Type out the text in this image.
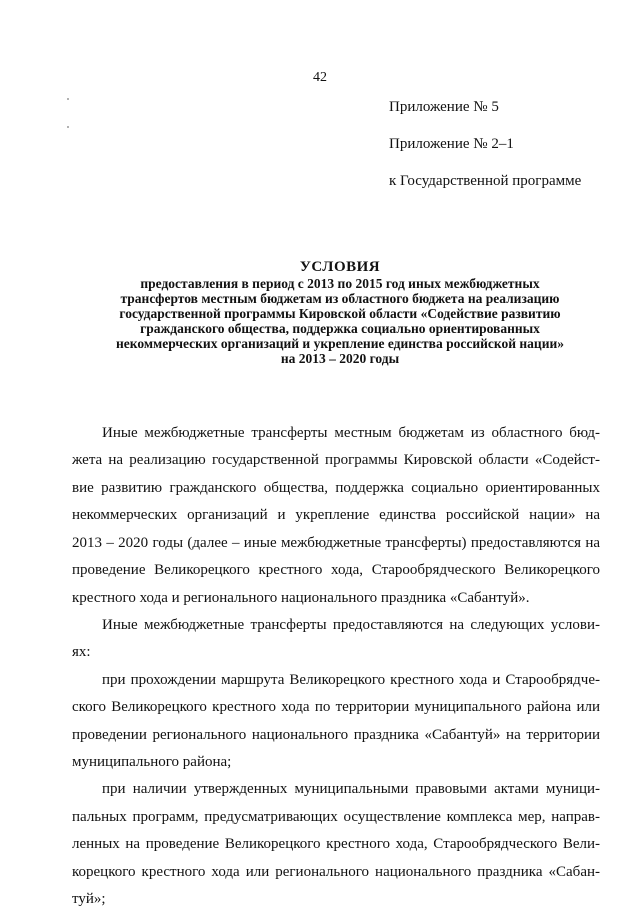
42
Приложение № 5
Приложение № 2–1
к Государственной программе
УСЛОВИЯ
предоставления в период с 2013 по 2015 год иных межбюджетных
трансфертов местным бюджетам из областного бюджета на реализацию
государственной программы Кировской области «Содействие развитию
гражданского общества, поддержка социально ориентированных
некоммерческих организаций и укрепление единства российской нации»
на 2013 – 2020 годы
Иные межбюджетные трансферты местным бюджетам из областного бюд-
жета на реализацию государственной программы Кировской области «Содейст-
вие развитию гражданского общества, поддержка социально ориентированных
некоммерческих организаций и укрепление единства российской нации» на
2013 – 2020 годы (далее – иные межбюджетные трансферты) предоставляются на
проведение Великорецкого крестного хода, Старообрядческого Великорецкого
крестного хода и регионального национального праздника «Сабантуй».
Иные межбюджетные трансферты предоставляются на следующих услови-
ях:
при прохождении маршрута Великорецкого крестного хода и Старообрядче-
ского Великорецкого крестного хода по территории муниципального района или
проведении регионального национального праздника «Сабантуй» на территории
муниципального района;
при наличии утвержденных муниципальными правовыми актами муници-
пальных программ, предусматривающих осуществление комплекса мер, направ-
ленных на проведение Великорецкого крестного хода, Старообрядческого Вели-
корецкого крестного хода или регионального национального праздника «Сабан-
туй»;
